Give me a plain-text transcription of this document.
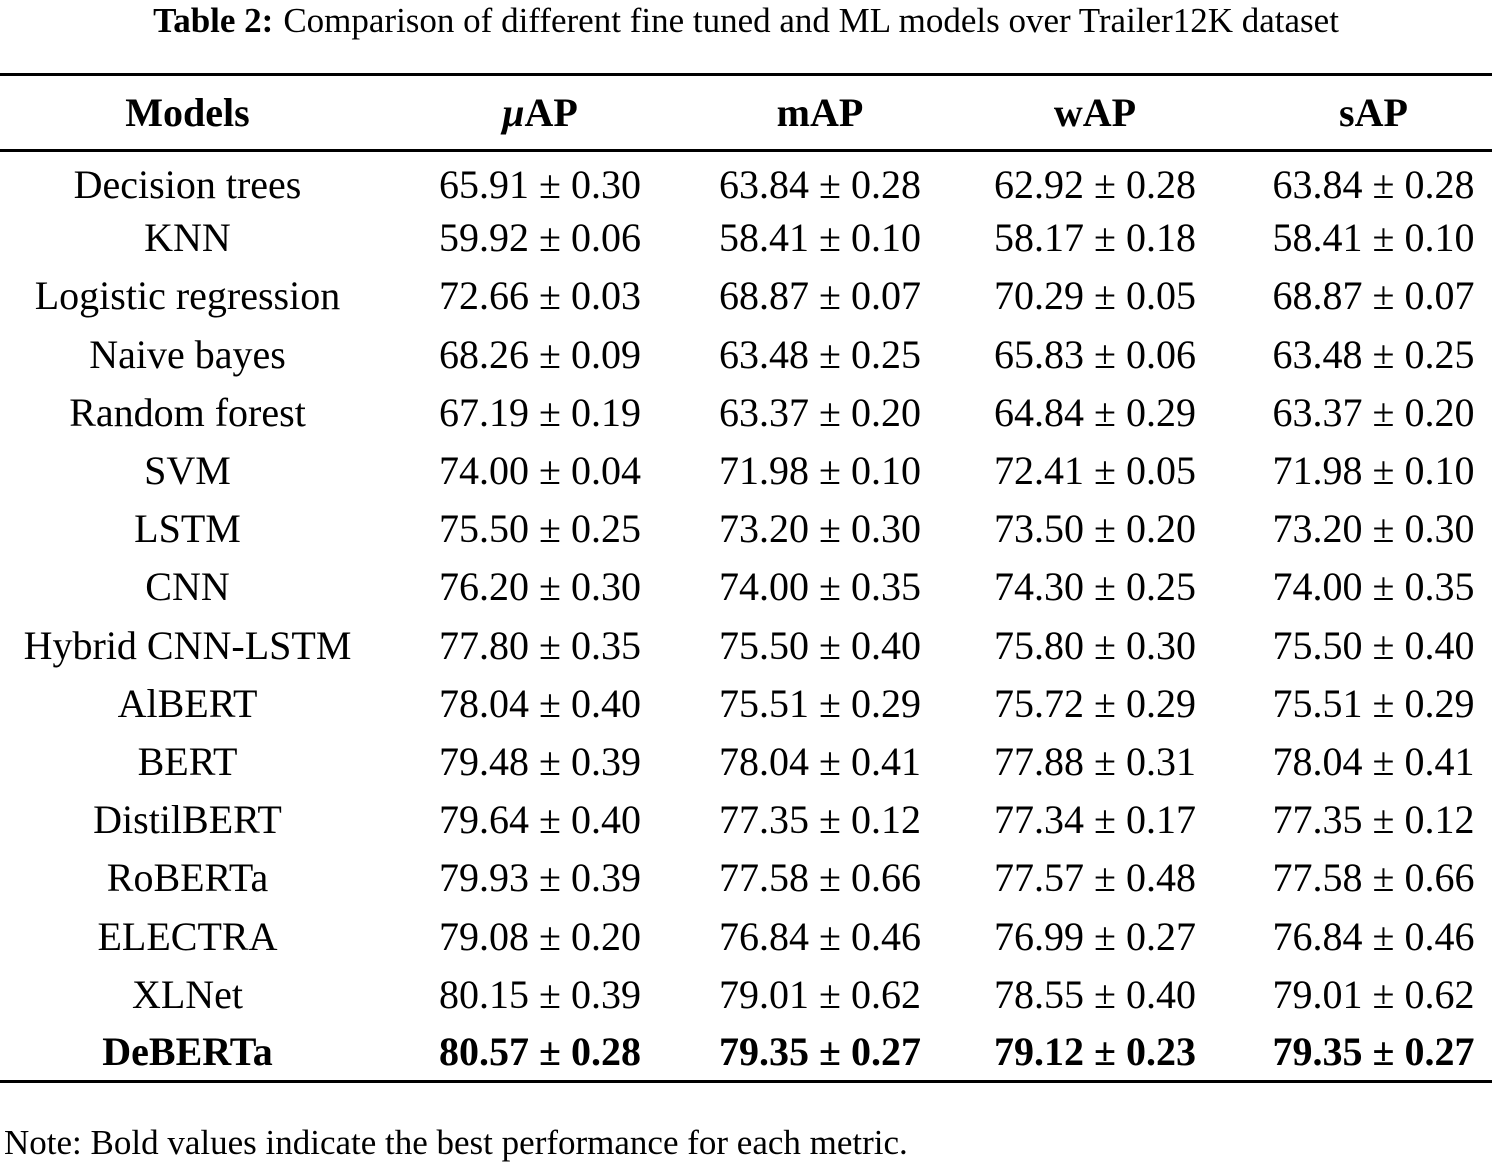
Table 2: Comparison of different fine tuned and ML models over Trailer12K dataset
Models	μAP	mAP	wAP	sAP
Decision trees	65.91 ± 0.30	63.84 ± 0.28	62.92 ± 0.28	63.84 ± 0.28
KNN	59.92 ± 0.06	58.41 ± 0.10	58.17 ± 0.18	58.41 ± 0.10
Logistic regression	72.66 ± 0.03	68.87 ± 0.07	70.29 ± 0.05	68.87 ± 0.07
Naive bayes	68.26 ± 0.09	63.48 ± 0.25	65.83 ± 0.06	63.48 ± 0.25
Random forest	67.19 ± 0.19	63.37 ± 0.20	64.84 ± 0.29	63.37 ± 0.20
SVM	74.00 ± 0.04	71.98 ± 0.10	72.41 ± 0.05	71.98 ± 0.10
LSTM	75.50 ± 0.25	73.20 ± 0.30	73.50 ± 0.20	73.20 ± 0.30
CNN	76.20 ± 0.30	74.00 ± 0.35	74.30 ± 0.25	74.00 ± 0.35
Hybrid CNN-LSTM	77.80 ± 0.35	75.50 ± 0.40	75.80 ± 0.30	75.50 ± 0.40
AlBERT	78.04 ± 0.40	75.51 ± 0.29	75.72 ± 0.29	75.51 ± 0.29
BERT	79.48 ± 0.39	78.04 ± 0.41	77.88 ± 0.31	78.04 ± 0.41
DistilBERT	79.64 ± 0.40	77.35 ± 0.12	77.34 ± 0.17	77.35 ± 0.12
RoBERTa	79.93 ± 0.39	77.58 ± 0.66	77.57 ± 0.48	77.58 ± 0.66
ELECTRA	79.08 ± 0.20	76.84 ± 0.46	76.99 ± 0.27	76.84 ± 0.46
XLNet	80.15 ± 0.39	79.01 ± 0.62	78.55 ± 0.40	79.01 ± 0.62
DeBERTa	80.57 ± 0.28	79.35 ± 0.27	79.12 ± 0.23	79.35 ± 0.27
Note: Bold values indicate the best performance for each metric.
